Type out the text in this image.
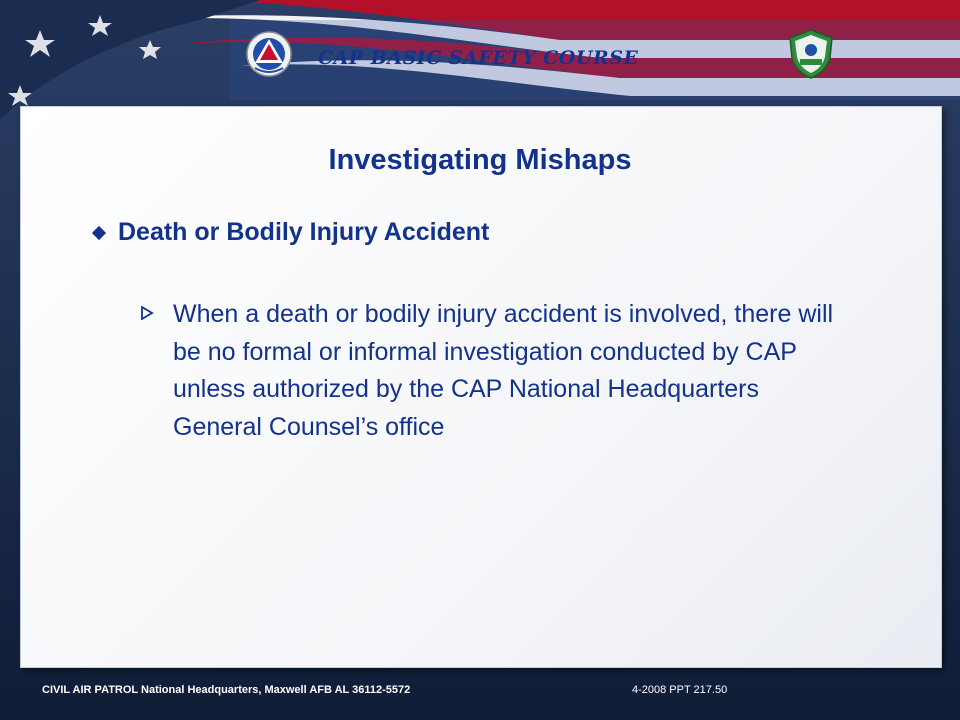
CAP BASIC SAFETY COURSE
Investigating Mishaps
Death or Bodily Injury Accident
When a death or bodily injury accident is involved, there will be no formal or informal investigation conducted by CAP unless authorized by the CAP National Headquarters General Counsel’s office
CIVIL AIR PATROL National Headquarters, Maxwell AFB AL 36112-5572	4-2008 PPT 217.50
